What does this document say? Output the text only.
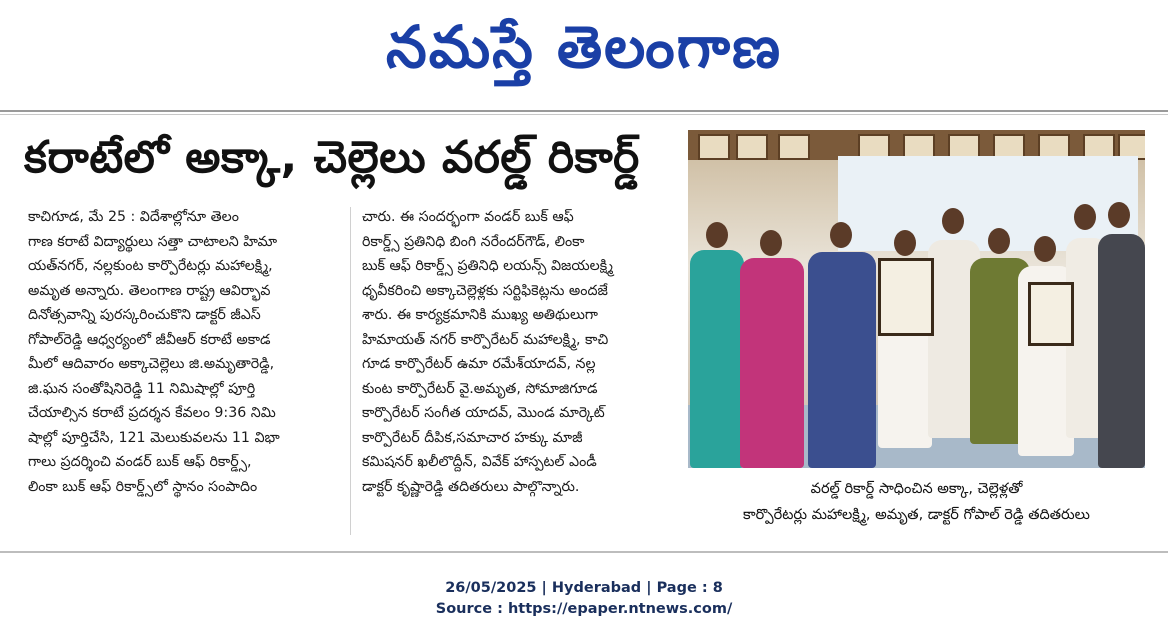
నమస్తే తెలంగాణ
కరాటేలో అక్కా, చెల్లెలు వరల్డ్ రికార్డ్
కాచిగూడ, మే 25 : విదేశాల్లోనూ తెలం
గాణ కరాటే విద్యార్థులు సత్తా చాటాలని హిమా
యత్‌నగర్, నల్లకుంట కార్పొరేటర్లు మహాలక్ష్మి,
అమృత అన్నారు. తెలంగాణ రాష్ట్ర ఆవిర్భావ
దినోత్సవాన్ని పురస్కరించుకొని డాక్టర్ జీఎస్
గోపాల్‌రెడ్డి ఆధ్వర్యంలో జీవీఆర్ కరాటే అకాడ
మీలో ఆదివారం అక్కాచెల్లెలు జి.అమృతారెడ్డి,
జి.ఘన సంతోషినిరెడ్డి 11 నిమిషాల్లో పూర్తి
చేయాల్సిన కరాటే ప్రదర్శన కేవలం 9:36 నిమి
షాల్లో పూర్తిచేసి, 121 మెలుకువలను 11 విభా
గాలు ప్రదర్శించి వండర్ బుక్ ఆఫ్ రికార్డ్స్,
లింకా బుక్ ఆఫ్ రికార్డ్స్‌లో స్థానం సంపాదిం
చారు. ఈ సందర్భంగా వండర్ బుక్ ఆఫ్
రికార్డ్స్ ప్రతినిధి బింగి నరేందర్‌గౌడ్, లింకా
బుక్ ఆఫ్ రికార్డ్స్ ప్రతినిధి లయన్స్ విజయలక్ష్మి
ధృవీకరించి అక్కాచెల్లెళ్లకు సర్టిఫికెట్లను అందజే
శారు. ఈ కార్యక్రమానికి ముఖ్య అతిథులుగా
హిమాయత్ నగర్ కార్పొరేటర్ మహాలక్ష్మి, కాచి
గూడ కార్పొరేటర్ ఉమా రమేశ్‌యాదవ్, నల్ల
కుంట కార్పొరేటర్ వై.అమృత, సోమాజిగూడ
కార్పొరేటర్ సంగీత యాదవ్, మొండ మార్కెట్
కార్పొరేటర్ దీపిక,సమాచార హక్కు మాజీ
కమిషనర్ ఖలీలొద్దీన్, వివేక్ హాస్పటల్ ఎండీ
డాక్టర్ కృష్ణారెడ్డి తదితరులు పాల్గొన్నారు.	వరల్డ్ రికార్డ్ సాధించిన అక్కా, చెల్లెళ్లతో
కార్పొరేటర్లు మహాలక్ష్మి, అమృత, డాక్టర్ గోపాల్ రెడ్డి తదితరులు
26/05/2025 | Hyderabad | Page : 8
Source : https://epaper.ntnews.com/
